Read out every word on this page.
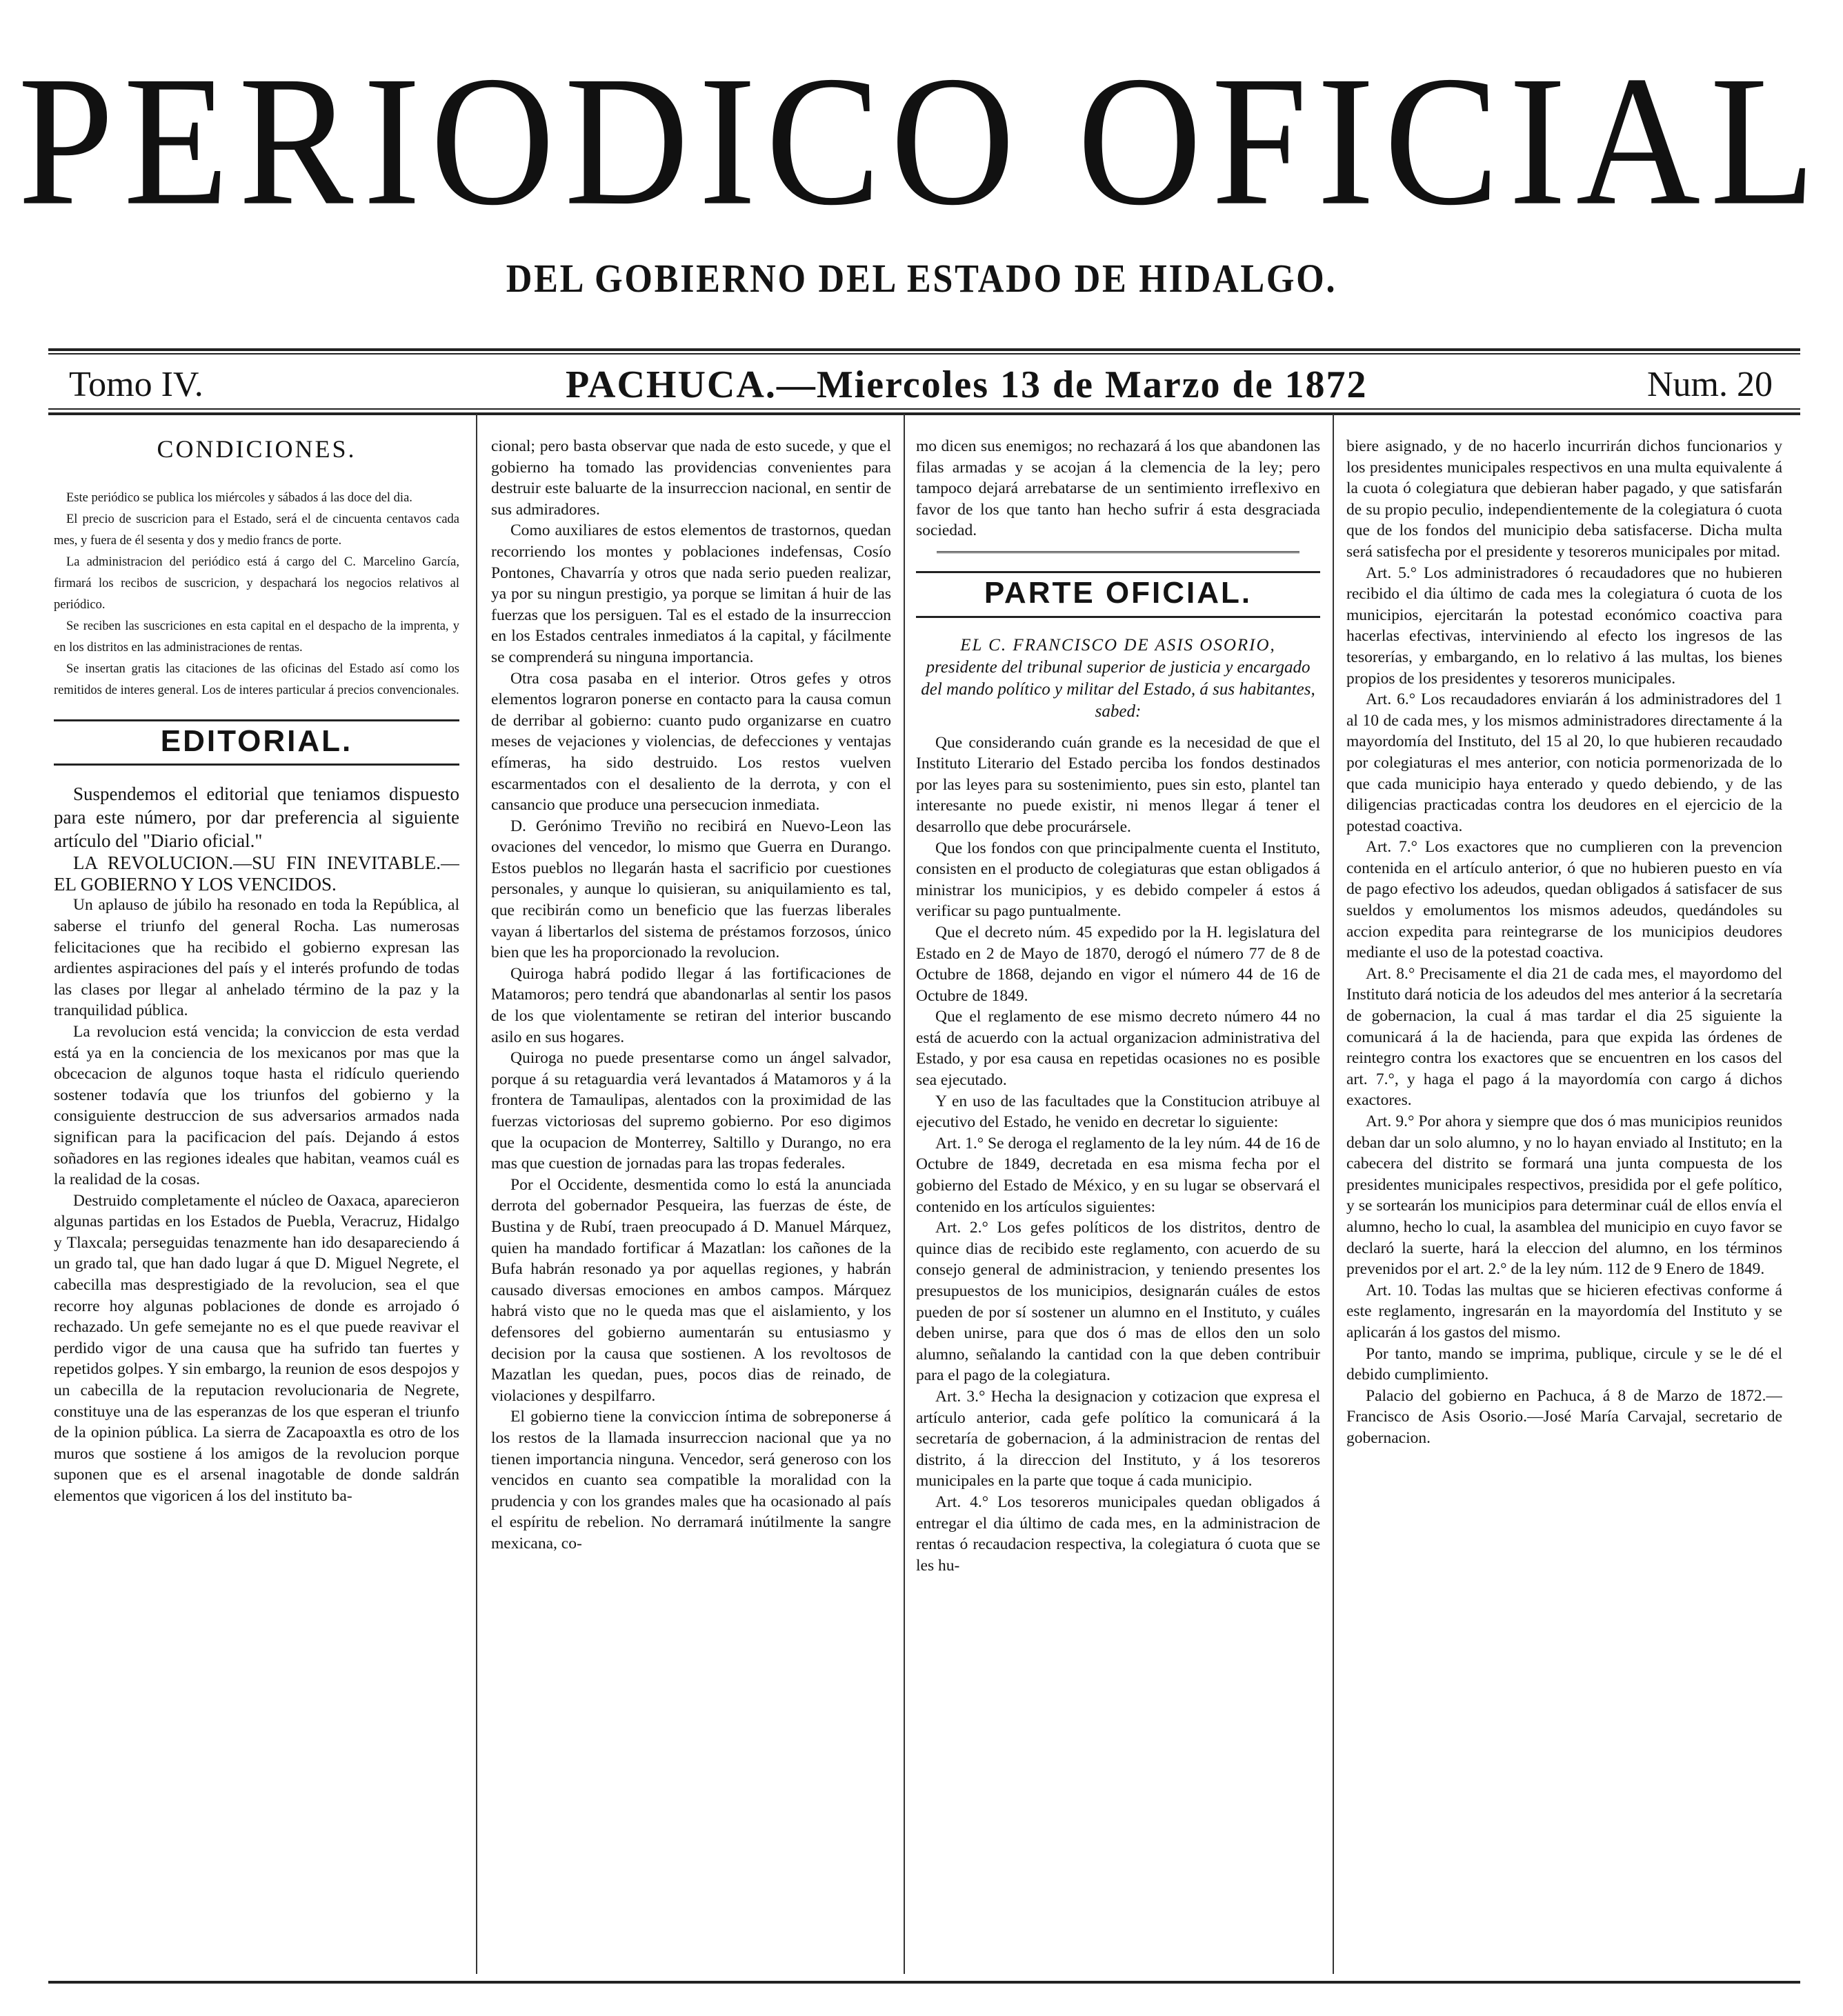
​
PERIODICO OFICIAL
DEL GOBIERNO DEL ESTADO DE HIDALGO.
Tomo IV.	PACHUCA.—Miercoles 13 de Marzo de 1872	Num. 20
CONDICIONES.

Este periódico se publica los miércoles y sábados á las doce del dia.

El precio de suscricion para el Estado, será el de cincuenta centavos cada mes, y fuera de él sesenta y dos y medio francs de porte.

La administracion del periódico está á cargo del C. Marcelino García, firmará los recibos de suscricion, y despachará los negocios relativos al periódico.

Se reciben las suscriciones en esta capital en el despacho de la imprenta, y en los distritos en las administraciones de rentas.

Se insertan gratis las citaciones de las oficinas del Estado así como los remitidos de interes general. Los de interes particular á precios convencionales.

EDITORIAL.

Suspendemos el editorial que teniamos dispuesto para este número, por dar preferencia al siguiente artículo del "Diario oficial."

LA REVOLUCION.—SU FIN INEVITABLE.—EL GOBIERNO Y LOS VENCIDOS.

Un aplauso de júbilo ha resonado en toda la República, al saberse el triunfo del general Rocha. Las numerosas felicitaciones que ha recibido el gobierno expresan las ardientes aspiraciones del país y el interés profundo de todas las clases por llegar al anhelado término de la paz y la tranquilidad pública.

La revolucion está vencida; la conviccion de esta verdad está ya en la conciencia de los mexicanos por mas que la obcecacion de algunos toque hasta el ridículo queriendo sostener todavía que los triunfos del gobierno y la consiguiente destruccion de sus adversarios armados nada significan para la pacificacion del país. Dejando á estos soñadores en las regiones ideales que habitan, veamos cuál es la realidad de la cosas.

Destruido completamente el núcleo de Oaxaca, aparecieron algunas partidas en los Estados de Puebla, Veracruz, Hidalgo y Tlaxcala; perseguidas tenazmente han ido desapareciendo á un grado tal, que han dado lugar á que D. Miguel Negrete, el cabecilla mas desprestigiado de la revolucion, sea el que recorre hoy algunas poblaciones de donde es arrojado ó rechazado. Un gefe semejante no es el que puede reavivar el perdido vigor de una causa que ha sufrido tan fuertes y repetidos golpes. Y sin embargo, la reunion de esos despojos y un cabecilla de la reputacion revolucionaria de Negrete, constituye una de las esperanzas de los que esperan el triunfo de la opinion pública. La sierra de Zacapoaxtla es otro de los muros que sostiene á los amigos de la revolucion porque suponen que es el arsenal inagotable de donde saldrán elementos que vigoricen á los del instituto ba-

cional; pero basta observar que nada de esto sucede, y que el gobierno ha tomado las providencias convenientes para destruir este baluarte de la insurreccion nacional, en sentir de sus admiradores.

Como auxiliares de estos elementos de trastornos, quedan recorriendo los montes y poblaciones indefensas, Cosío Pontones, Chavarría y otros que nada serio pueden realizar, ya por su ningun prestigio, ya porque se limitan á huir de las fuerzas que los persiguen. Tal es el estado de la insurreccion en los Estados centrales inmediatos á la capital, y fácilmente se comprenderá su ninguna importancia.

Otra cosa pasaba en el interior. Otros gefes y otros elementos lograron ponerse en contacto para la causa comun de derribar al gobierno: cuanto pudo organizarse en cuatro meses de vejaciones y violencias, de defecciones y ventajas efímeras, ha sido destruido. Los restos vuelven escarmentados con el desaliento de la derrota, y con el cansancio que produce una persecucion inmediata.

D. Gerónimo Treviño no recibirá en Nuevo-Leon las ovaciones del vencedor, lo mismo que Guerra en Durango. Estos pueblos no llegarán hasta el sacrificio por cuestiones personales, y aunque lo quisieran, su aniquilamiento es tal, que recibirán como un beneficio que las fuerzas liberales vayan á libertarlos del sistema de préstamos forzosos, único bien que les ha proporcionado la revolucion.

Quiroga habrá podido llegar á las fortificaciones de Matamoros; pero tendrá que abandonarlas al sentir los pasos de los que violentamente se retiran del interior buscando asilo en sus hogares.

Quiroga no puede presentarse como un ángel salvador, porque á su retaguardia verá levantados á Matamoros y á la frontera de Tamaulipas, alentados con la proximidad de las fuerzas victoriosas del supremo gobierno. Por eso digimos que la ocupacion de Monterrey, Saltillo y Durango, no era mas que cuestion de jornadas para las tropas federales.

Por el Occidente, desmentida como lo está la anunciada derrota del gobernador Pesqueira, las fuerzas de éste, de Bustina y de Rubí, traen preocupado á D. Manuel Márquez, quien ha mandado fortificar á Mazatlan: los cañones de la Bufa habrán resonado ya por aquellas regiones, y habrán causado diversas emociones en ambos campos. Márquez habrá visto que no le queda mas que el aislamiento, y los defensores del gobierno aumentarán su entusiasmo y decision por la causa que sostienen. A los revoltosos de Mazatlan les quedan, pues, pocos dias de reinado, de violaciones y despilfarro.

El gobierno tiene la conviccion íntima de sobreponerse á los restos de la llamada insurreccion nacional que ya no tienen importancia ninguna. Vencedor, será generoso con los vencidos en cuanto sea compatible la moralidad con la prudencia y con los grandes males que ha ocasionado al país el espíritu de rebelion. No derramará inútilmente la sangre mexicana, co-

mo dicen sus enemigos; no rechazará á los que abandonen las filas armadas y se acojan á la clemencia de la ley; pero tampoco dejará arrebatarse de un sentimiento irreflexivo en favor de los que tanto han hecho sufrir á esta desgraciada sociedad.

PARTE OFICIAL.
EL C. FRANCISCO DE ASIS OSORIO,
presidente del tribunal superior de justicia y encargado del mando político y militar del Estado, á sus habitantes, sabed:

Que considerando cuán grande es la necesidad de que el Instituto Literario del Estado perciba los fondos destinados por las leyes para su sostenimiento, pues sin esto, plantel tan interesante no puede existir, ni menos llegar á tener el desarrollo que debe procurársele.

Que los fondos con que principalmente cuenta el Instituto, consisten en el producto de colegiaturas que estan obligados á ministrar los municipios, y es debido compeler á estos á verificar su pago puntualmente.

Que el decreto núm. 45 expedido por la H. legislatura del Estado en 2 de Mayo de 1870, derogó el número 77 de 8 de Octubre de 1868, dejando en vigor el número 44 de 16 de Octubre de 1849.

Que el reglamento de ese mismo decreto número 44 no está de acuerdo con la actual organizacion administrativa del Estado, y por esa causa en repetidas ocasiones no es posible sea ejecutado.

Y en uso de las facultades que la Constitucion atribuye al ejecutivo del Estado, he venido en decretar lo siguiente:

Art. 1.° Se deroga el reglamento de la ley núm. 44 de 16 de Octubre de 1849, decretada en esa misma fecha por el gobierno del Estado de México, y en su lugar se observará el contenido en los artículos siguientes:

Art. 2.° Los gefes políticos de los distritos, dentro de quince dias de recibido este reglamento, con acuerdo de su consejo general de administracion, y teniendo presentes los presupuestos de los municipios, designarán cuáles de estos pueden de por sí sostener un alumno en el Instituto, y cuáles deben unirse, para que dos ó mas de ellos den un solo alumno, señalando la cantidad con la que deben contribuir para el pago de la colegiatura.

Art. 3.° Hecha la designacion y cotizacion que expresa el artículo anterior, cada gefe político la comunicará á la secretaría de gobernacion, á la administracion de rentas del distrito, á la direccion del Instituto, y á los tesoreros municipales en la parte que toque á cada municipio.

Art. 4.° Los tesoreros municipales quedan obligados á entregar el dia último de cada mes, en la administracion de rentas ó recaudacion respectiva, la colegiatura ó cuota que se les hu-

biere asignado, y de no hacerlo incurrirán dichos funcionarios y los presidentes municipales respectivos en una multa equivalente á la cuota ó colegiatura que debieran haber pagado, y que satisfarán de su propio peculio, independientemente de la colegiatura ó cuota que de los fondos del municipio deba satisfacerse. Dicha multa será satisfecha por el presidente y tesoreros municipales por mitad.

Art. 5.° Los administradores ó recaudadores que no hubieren recibido el dia último de cada mes la colegiatura ó cuota de los municipios, ejercitarán la potestad económico coactiva para hacerlas efectivas, interviniendo al efecto los ingresos de las tesorerías, y embargando, en lo relativo á las multas, los bienes propios de los presidentes y tesoreros municipales.

Art. 6.° Los recaudadores enviarán á los administradores del 1 al 10 de cada mes, y los mismos administradores directamente á la mayordomía del Instituto, del 15 al 20, lo que hubieren recaudado por colegiaturas el mes anterior, con noticia pormenorizada de lo que cada municipio haya enterado y quedo debiendo, y de las diligencias practicadas contra los deudores en el ejercicio de la potestad coactiva.

Art. 7.° Los exactores que no cumplieren con la prevencion contenida en el artículo anterior, ó que no hubieren puesto en vía de pago efectivo los adeudos, quedan obligados á satisfacer de sus sueldos y emolumentos los mismos adeudos, quedándoles su accion expedita para reintegrarse de los municipios deudores mediante el uso de la potestad coactiva.

Art. 8.° Precisamente el dia 21 de cada mes, el mayordomo del Instituto dará noticia de los adeudos del mes anterior á la secretaría de gobernacion, la cual á mas tardar el dia 25 siguiente la comunicará á la de hacienda, para que expida las órdenes de reintegro contra los exactores que se encuentren en los casos del art. 7.°, y haga el pago á la mayordomía con cargo á dichos exactores.

Art. 9.° Por ahora y siempre que dos ó mas municipios reunidos deban dar un solo alumno, y no lo hayan enviado al Instituto; en la cabecera del distrito se formará una junta compuesta de los presidentes municipales respectivos, presidida por el gefe político, y se sortearán los municipios para determinar cuál de ellos envía el alumno, hecho lo cual, la asamblea del municipio en cuyo favor se declaró la suerte, hará la eleccion del alumno, en los términos prevenidos por el art. 2.° de la ley núm. 112 de 9 Enero de 1849.

Art. 10. Todas las multas que se hicieren efectivas conforme á este reglamento, ingresarán en la mayordomía del Instituto y se aplicarán á los gastos del mismo.

Por tanto, mando se imprima, publique, circule y se le dé el debido cumplimiento.

Palacio del gobierno en Pachuca, á 8 de Marzo de 1872.—Francisco de Asis Osorio.—José María Carvajal, secretario de gobernacion.
